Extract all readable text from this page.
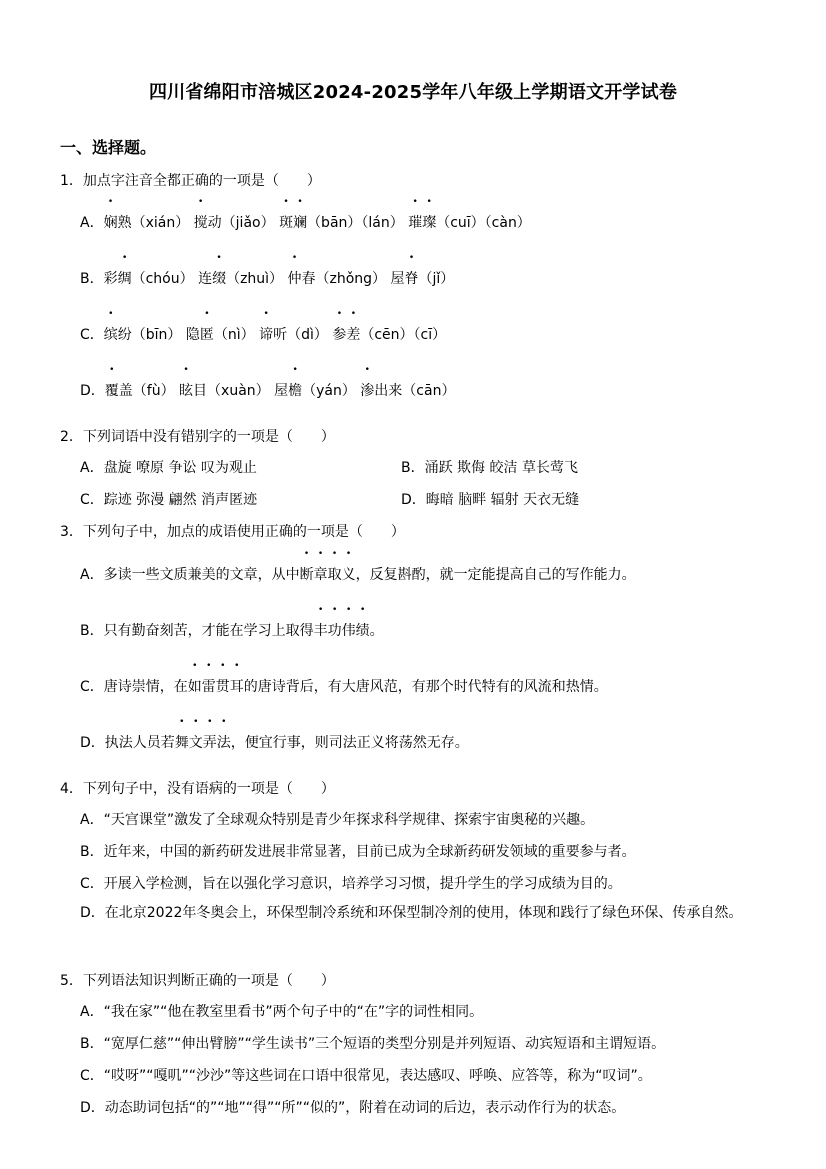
四川省绵阳市涪城区2024-2025学年八年级上学期语文开学试卷
一、选择题。
1．加点字注音全都正确的一项是（　　）
A．娴熟（xián） 搅动（jiǎo） 斑斓（bān）（lán） 璀璨（cuī）（càn）
B．彩绸（chóu） 连缀（zhuì） 仲春（zhǒng） 屋脊（jǐ）
C．缤纷（bīn） 隐匿（nì） 谛听（dì） 参差（cēn）（cī）
D．覆盖（fù） 眩目（xuàn） 屋檐（yán） 渗出来（cān）
2．下列词语中没有错别字的一项是（　　）
A．盘旋 嘹原 争讼 叹为观止	B．涌跃 欺侮 皎洁 草长莺飞
C．踪迹 弥漫 翩然 消声匿迹	D．晦暗 脑畔 辐射 天衣无缝
3．下列句子中，加点的成语使用正确的一项是（　　）
A．多读一些文质兼美的文章，从中断章取义，反复斟酌，就一定能提高自己的写作能力。
B．只有勤奋刻苦，才能在学习上取得丰功伟绩。
C．唐诗崇情，在如雷贯耳的唐诗背后，有大唐风范，有那个时代特有的风流和热情。
D．执法人员若舞文弄法，便宜行事，则司法正义将荡然无存。
4．下列句子中，没有语病的一项是（　　）
A．“天宫课堂”激发了全球观众特别是青少年探求科学规律、探索宇宙奥秘的兴趣。
B．近年来，中国的新药研发进展非常显著，目前已成为全球新药研发领域的重要参与者。
C．开展入学检测，旨在以强化学习意识，培养学习习惯，提升学生的学习成绩为目的。
D．在北京2022年冬奥会上，环保型制冷系统和环保型制冷剂的使用，体现和践行了绿色环保、传承自然。
5．下列语法知识判断正确的一项是（　　）
A．“我在家”“他在教室里看书”两个句子中的“在”字的词性相同。
B．“宽厚仁慈”“伸出臂膀”“学生读书”三个短语的类型分别是并列短语、动宾短语和主谓短语。
C．“哎呀”“嘎叽”“沙沙”等这些词在口语中很常见，表达感叹、呼唤、应答等，称为“叹词”。
D．动态助词包括“的”“地”“得”“所”“似的”，附着在动词的后边，表示动作行为的状态。
